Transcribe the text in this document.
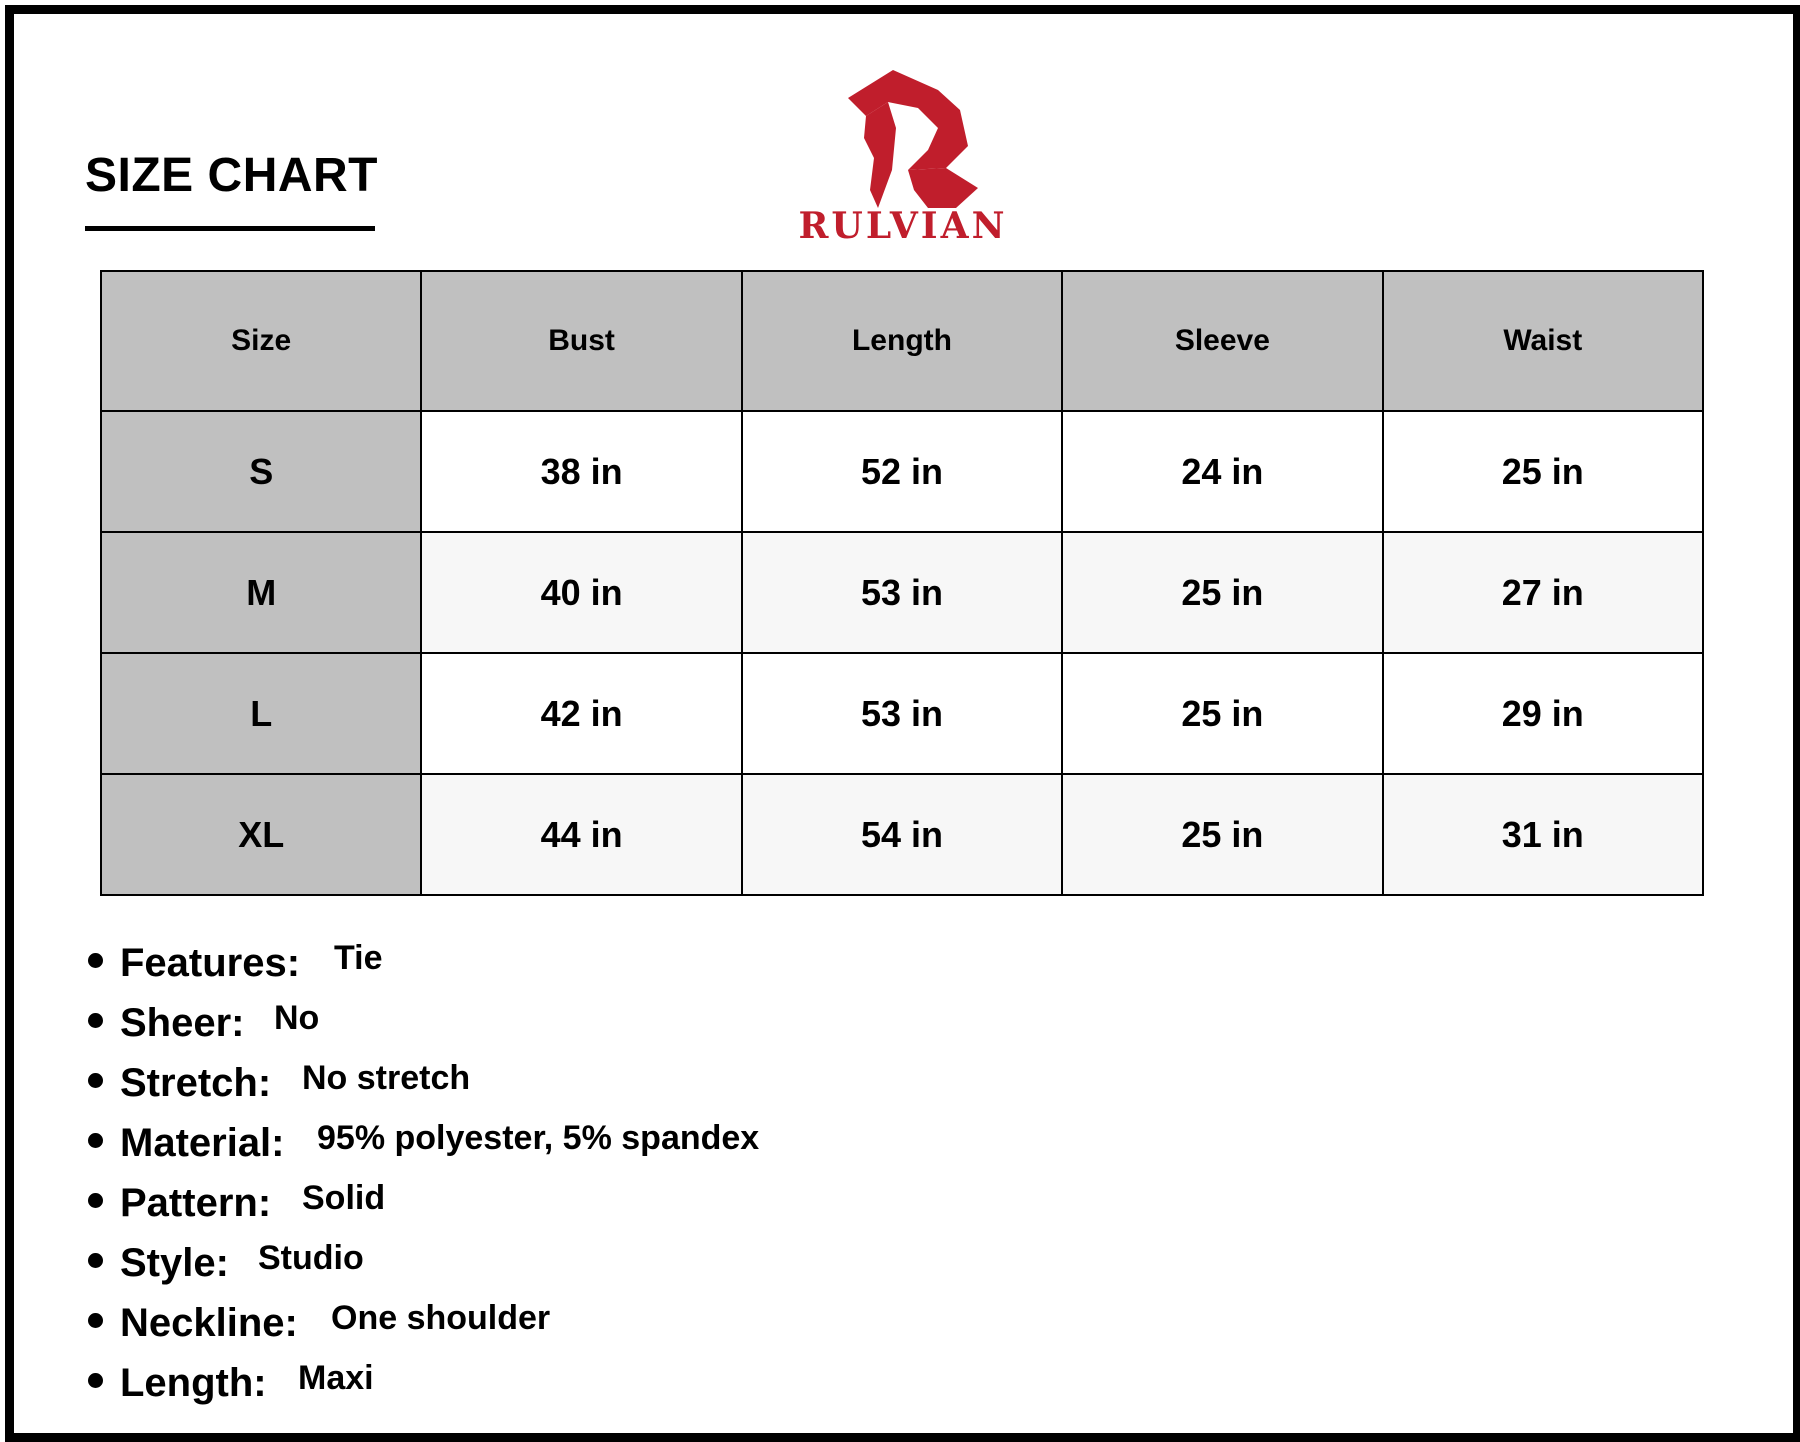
SIZE CHART
RULVIAN
Size	Bust	Length	Sleeve	Waist
S	38 in	52 in	24 in	25 in
M	40 in	53 in	25 in	27 in
L	42 in	53 in	25 in	29 in
XL	44 in	54 in	25 in	31 in
Features: Tie
Sheer: No
Stretch: No stretch
Material: 95% polyester, 5% spandex
Pattern: Solid
Style: Studio
Neckline: One shoulder
Length: Maxi
